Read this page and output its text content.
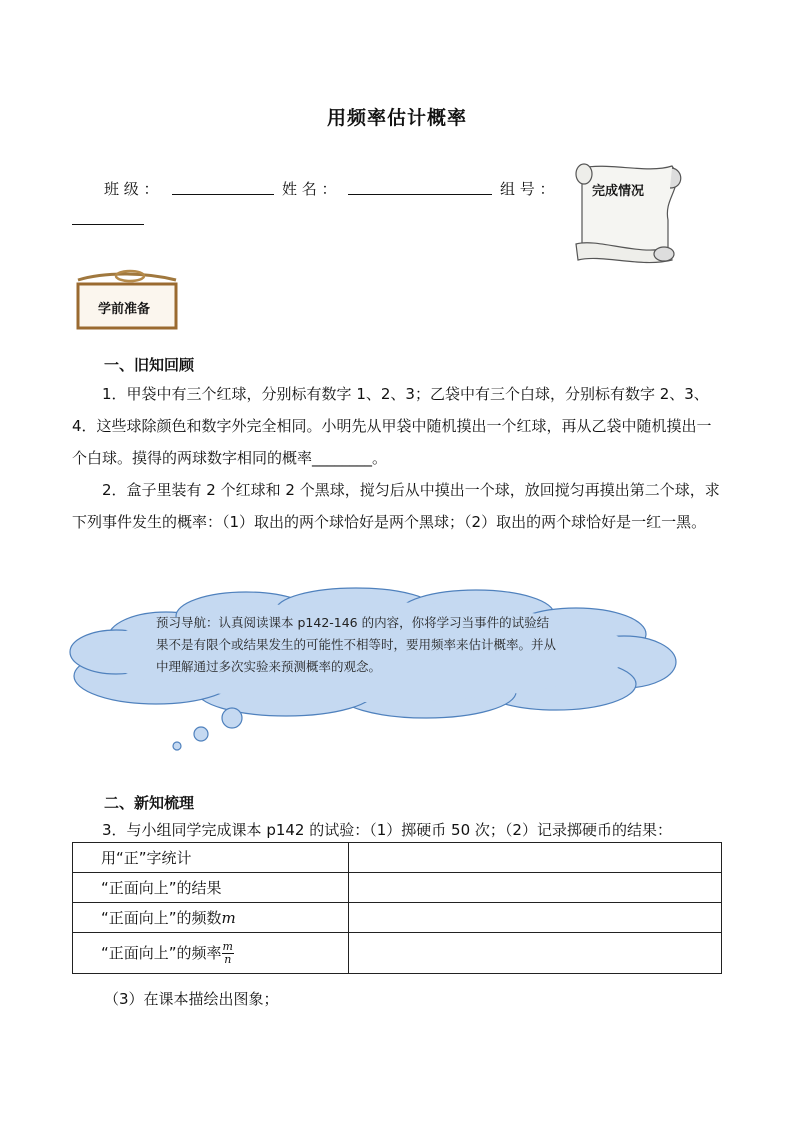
用频率估计概率
班 级 ：	姓 名 ：	组 号 ：	完成情况
学前准备
一、旧知回顾
1．甲袋中有三个红球，分别标有数字 1、2、3；乙袋中有三个白球，分别标有数字 2、3、4．这些球除颜色和数字外完全相同。小明先从甲袋中随机摸出一个红球，再从乙袋中随机摸出一个白球。摸得的两球数字相同的概率________。
2．盒子里装有 2 个红球和 2 个黑球，搅匀后从中摸出一个球，放回搅匀再摸出第二个球，求下列事件发生的概率：（1）取出的两个球恰好是两个黑球；（2）取出的两个球恰好是一红一黑。
预习导航：认真阅读课本 p142-146 的内容，你将学习当事件的试验结果不是有限个或结果发生的可能性不相等时，要用频率来估计概率。并从中理解通过多次实验来预测概率的观念。
二、新知梳理
3．与小组同学完成课本 p142 的试验：（1）掷硬币 50 次；（2）记录掷硬币的结果：
用“正”字统计	
“正面向上”的结果	
“正面向上”的频数m	
“正面向上”的频率 $\frac{m}{n}$

（3）在课本描绘出图象；
